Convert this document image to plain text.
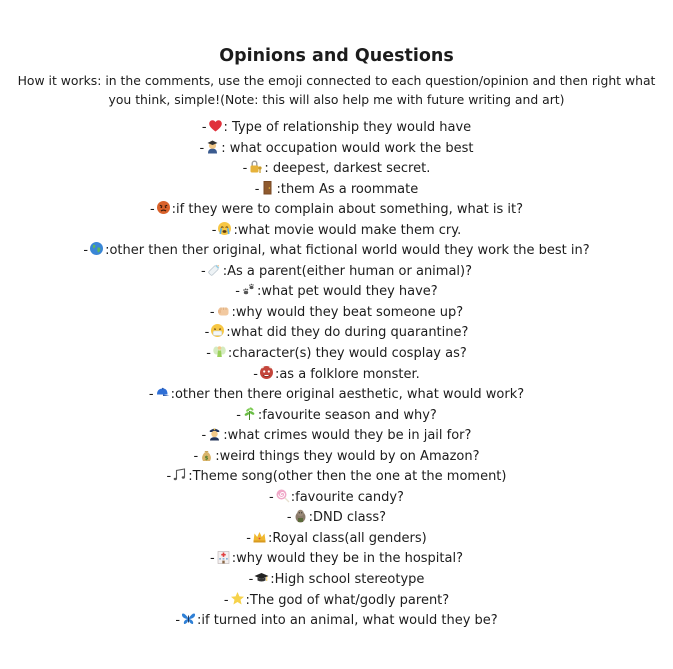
Opinions and Questions

How it works: in the comments, use the emoji connected to each question/opinion and then right what you think, simple!(Note: this will also help me with future writing and art)

- : Type of relationship they would have
- : what occupation would work the best
- : deepest, darkest secret.
- :them As a roommate
- :if they were to complain about something, what is it?
- :what movie would make them cry.
- :other then ther original, what fictional world would they work the best in?
- :As a parent(either human or animal)?
- :what pet would they have?
- :why would they beat someone up?
- :what did they do during quarantine?
- :character(s) they would cosplay as?
- :as a folklore monster.
- :other then there original aesthetic, what would work?
- :favourite season and why?
- :what crimes would they be in jail for?
- $ :weird things they would by on Amazon?
- :Theme song(other then the one at the moment)
- :favourite candy?
- :DND class?
- :Royal class(all genders)
- :why would they be in the hospital?
- :High school stereotype
- :The god of what/godly parent?
- :if turned into an animal, what would they be?
